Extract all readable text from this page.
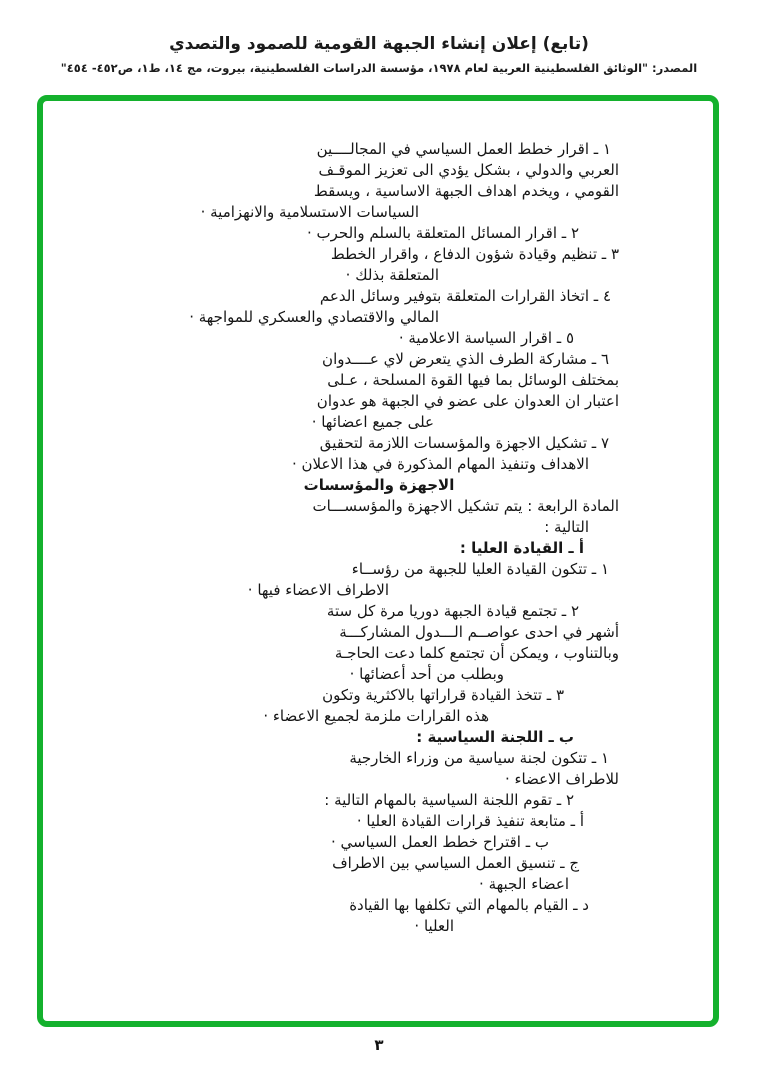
(تابع) إعلان إنشاء الجبهة القومية للصمود والتصدي
المصدر: "الوثائق الفلسطينية العربية لعام ١٩٧٨، مؤسسة الدراسات الفلسطينية، بيروت، مج ١٤، ط١، ص٤٥٢- ٤٥٤"
١ ـ اقرار خطط العمل السياسي في المجالــــين
العربي والدولي ، بشكل يؤدي الى تعزيز الموقـف
القومي ، ويخدم اهداف الجبهة الاساسية ، ويسقط
السياسات الاستسلامية والانهزامية ·
٢ ـ اقرار المسائل المتعلقة بالسلم والحرب ·
٣ ـ تنظيم وقيادة شؤون الدفاع ، واقرار الخطط
المتعلقة بذلك ·
٤ ـ اتخاذ القرارات المتعلقة بتوفير وسائل الدعم
المالي والاقتصادي والعسكري للمواجهة ·
٥ ـ اقرار السياسة الاعلامية ·
٦ ـ مشاركة الطرف الذي يتعرض لاي عــــدوان
بمختلف الوسائل بما فيها القوة المسلحة ، عـلى
اعتبار ان العدوان على عضو في الجبهة هو عدوان
على جميع اعضائها ·
٧ ـ تشكيل الاجهزة والمؤسسات اللازمة لتحقيق
الاهداف وتنفيذ المهام المذكورة في هذا الاعلان ·
الاجهزة والمؤسسات
المادة الرابعة : يتم تشكيل الاجهزة والمؤسســـات
التالية :
أ ـ القيادة العليا :
١ ـ تتكون القيادة العليا للجبهة من رؤســاء
الاطراف الاعضاء فيها ·
٢ ـ تجتمع قيادة الجبهة دوريا مرة كل ستة
أشهر في احدى عواصــم الـــدول المشاركـــة
وبالتناوب ، ويمكن أن تجتمع كلما دعت الحاجـة
وبطلب من أحد أعضائها ·
٣ ـ تتخذ القيادة قراراتها بالاكثرية وتكون
هذه القرارات ملزمة لجميع الاعضاء ·
ب ـ اللجنة السياسية :
١ ـ تتكون لجنة سياسية من وزراء الخارجية
للاطراف الاعضاء ·
٢ ـ تقوم اللجنة السياسية بالمهام التالية :
أ ـ متابعة تنفيذ قرارات القيادة العليا ·
ب ـ اقتراح خطط العمل السياسي ·
ج ـ تنسيق العمل السياسي بين الاطراف
اعضاء الجبهة ·
د ـ القيام بالمهام التي تكلفها بها القيادة
العليا ·
٣
